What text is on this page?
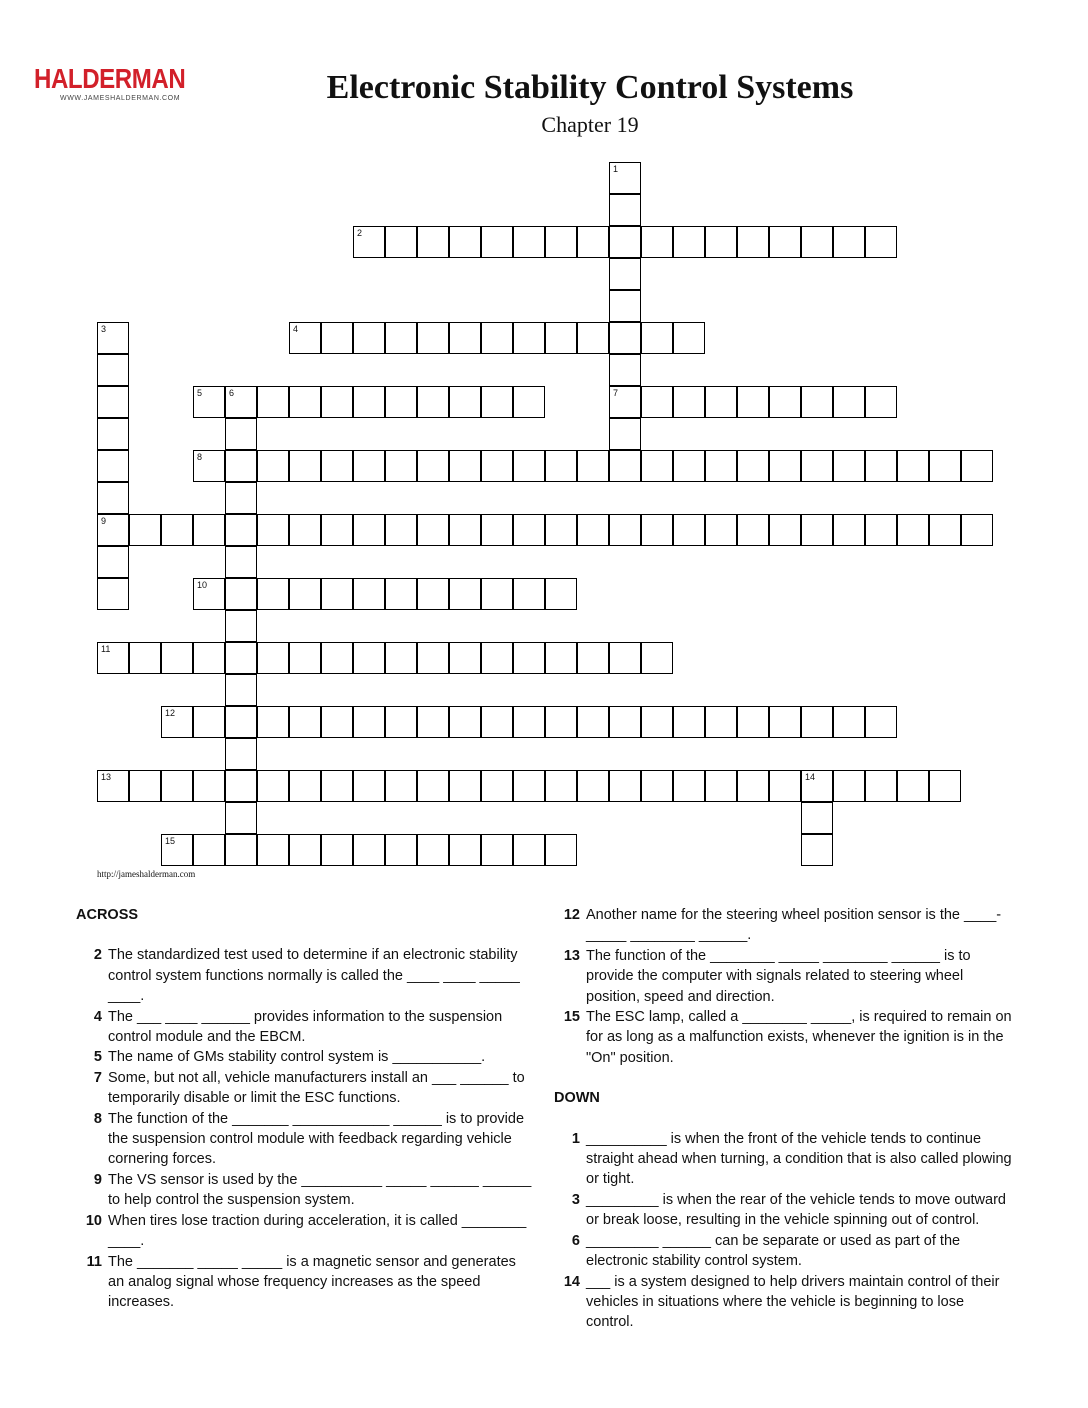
HALDERMAN
WWW.JAMESHALDERMAN.COM	Electronic Stability Control Systems
Chapter 19
1
7
2
3
9
4
5	6
8
10
11
12
13	14
15
http://jameshalderman.com
ACROSS
2 The standardized test used to determine if an electronic stability control system functions normally is called the ____ ____ _____ ____.
4 The ___ ____ ______ provides information to the suspension control module and the EBCM.
5 The name of GMs stability control system is ___________.
7 Some, but not all, vehicle manufacturers install an ___ ______ to temporarily disable or limit the ESC functions.
8 The function of the _______ ____________ ______ is to provide the suspension control module with feedback regarding vehicle cornering forces.
9 The VS sensor is used by the __________ _____ ______ ______ to help control the suspension system.
10 When tires lose traction during acceleration, it is called ________ ____.
11 The _______ _____ _____ is a magnetic sensor and generates an analog signal whose frequency increases as the speed increases.
12 Another name for the steering wheel position sensor is the ____-_____ ________ ______.
13 The function of the ________ _____ ________ ______ is to provide the computer with signals related to steering wheel position, speed and direction.
15 The ESC lamp, called a ________ _____, is required to remain on for as long as a malfunction exists, whenever the ignition is in the "On" position.
DOWN
1 __________ is when the front of the vehicle tends to continue straight ahead when turning, a condition that is also called plowing or tight.
3 _________ is when the rear of the vehicle tends to move outward or break loose, resulting in the vehicle spinning out of control.
6 _________ ______ can be separate or used as part of the electronic stability control system.
14 ___ is a system designed to help drivers maintain control of their vehicles in situations where the vehicle is beginning to lose control.
